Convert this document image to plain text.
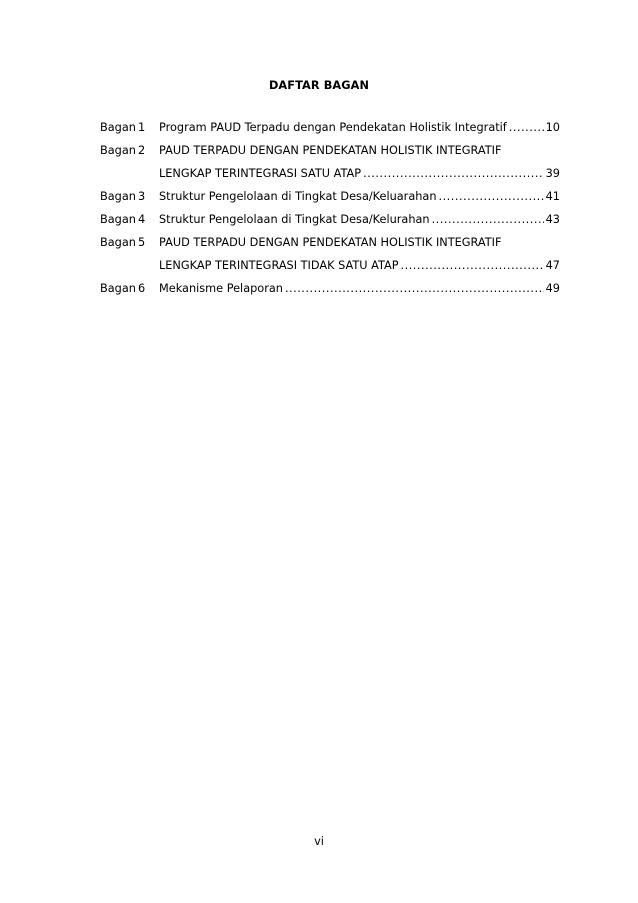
DAFTAR BAGAN
Bagan 1	Program PAUD Terpadu dengan Pendekatan Holistik Integratif .....	10
Bagan 2	PAUD TERPADU DENGAN PENDEKATAN HOLISTIK INTEGRATIF
LENGKAP TERINTEGRASI SATU ATAP .....	39
Bagan 3	Struktur Pengelolaan di Tingkat Desa/Keluarahan .....	41
Bagan 4	Struktur Pengelolaan di Tingkat Desa/Kelurahan .....	43
Bagan 5	PAUD TERPADU DENGAN PENDEKATAN HOLISTIK INTEGRATIF
LENGKAP TERINTEGRASI TIDAK SATU ATAP .....	47
Bagan 6	Mekanisme Pelaporan .....	49
vi
